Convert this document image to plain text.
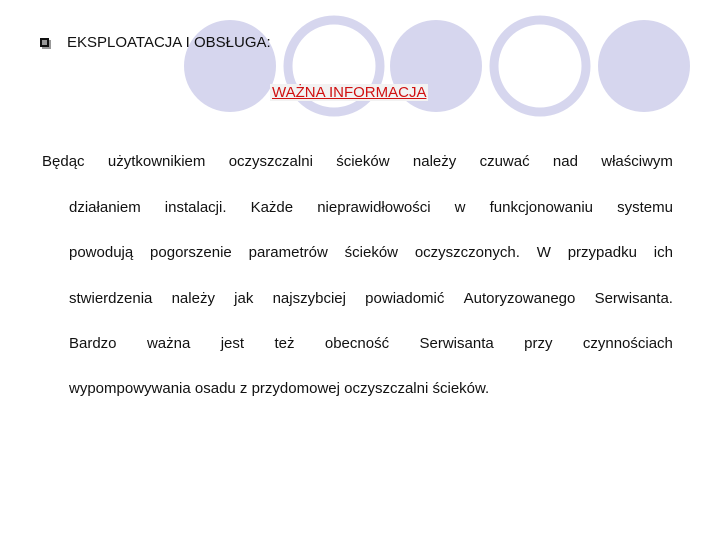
EKSPLOATACJA I OBSŁUGA:
WAŻNA INFORMACJA
Będąc użytkownikiem oczyszczalni ścieków należy czuwać nad właściwym
działaniem instalacji. Każde nieprawidłowości w funkcjonowaniu systemu
powodują pogorszenie parametrów ścieków oczyszczonych. W przypadku ich
stwierdzenia należy jak najszybciej powiadomić Autoryzowanego Serwisanta.
Bardzo ważna jest też obecność Serwisanta przy czynnościach
wypompowywania osadu z przydomowej oczyszczalni ścieków.
